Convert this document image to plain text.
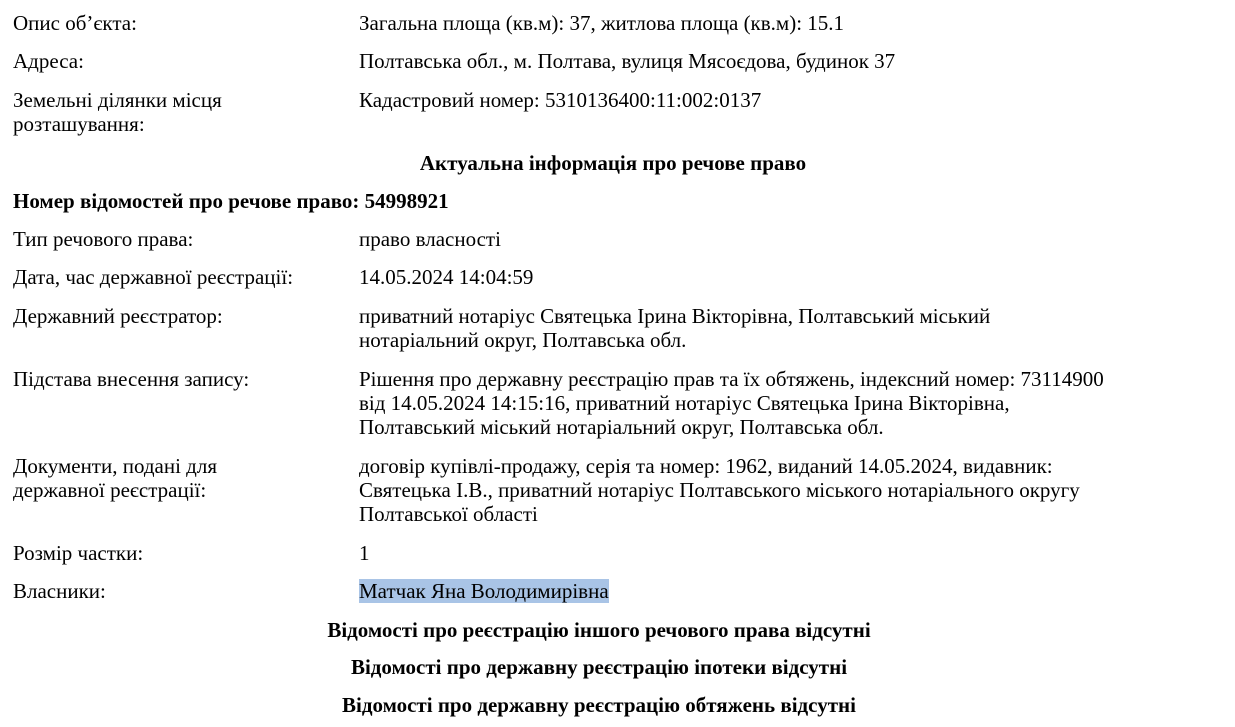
Опис об’єкта:	Загальна площа (кв.м): 37, житлова площа (кв.м): 15.1
Адреса:	Полтавська обл., м. Полтава, вулиця Мясоєдова, будинок 37
Земельні ділянки місця
розташування:
Кадастровий номер: 5310136400:11:002:0137
Актуальна інформація про речове право
Номер відомостей про речове право: 54998921
Тип речового права:	право власності
Дата, час державної реєстрації:	14.05.2024 14:04:59
Державний реєстратор:	приватний нотаріус Святецька Ірина Вікторівна, Полтавський міський
нотаріальний округ, Полтавська обл.
Підстава внесення запису:	Рішення про державну реєстрацію прав та їх обтяжень, індексний номер: 73114900
від 14.05.2024 14:15:16, приватний нотаріус Святецька Ірина Вікторівна,
Полтавський міський нотаріальний округ, Полтавська обл.
Документи, подані для
державної реєстрації:
договір купівлі-продажу, серія та номер: 1962, виданий 14.05.2024, видавник:
Святецька І.В., приватний нотаріус Полтавського міського нотаріального округу
Полтавської області
Розмір частки:	1
Власники:	Матчак Яна Володимирівна
Відомості про реєстрацію іншого речового права відсутні
Відомості про державну реєстрацію іпотеки відсутні
Відомості про державну реєстрацію обтяжень відсутні
